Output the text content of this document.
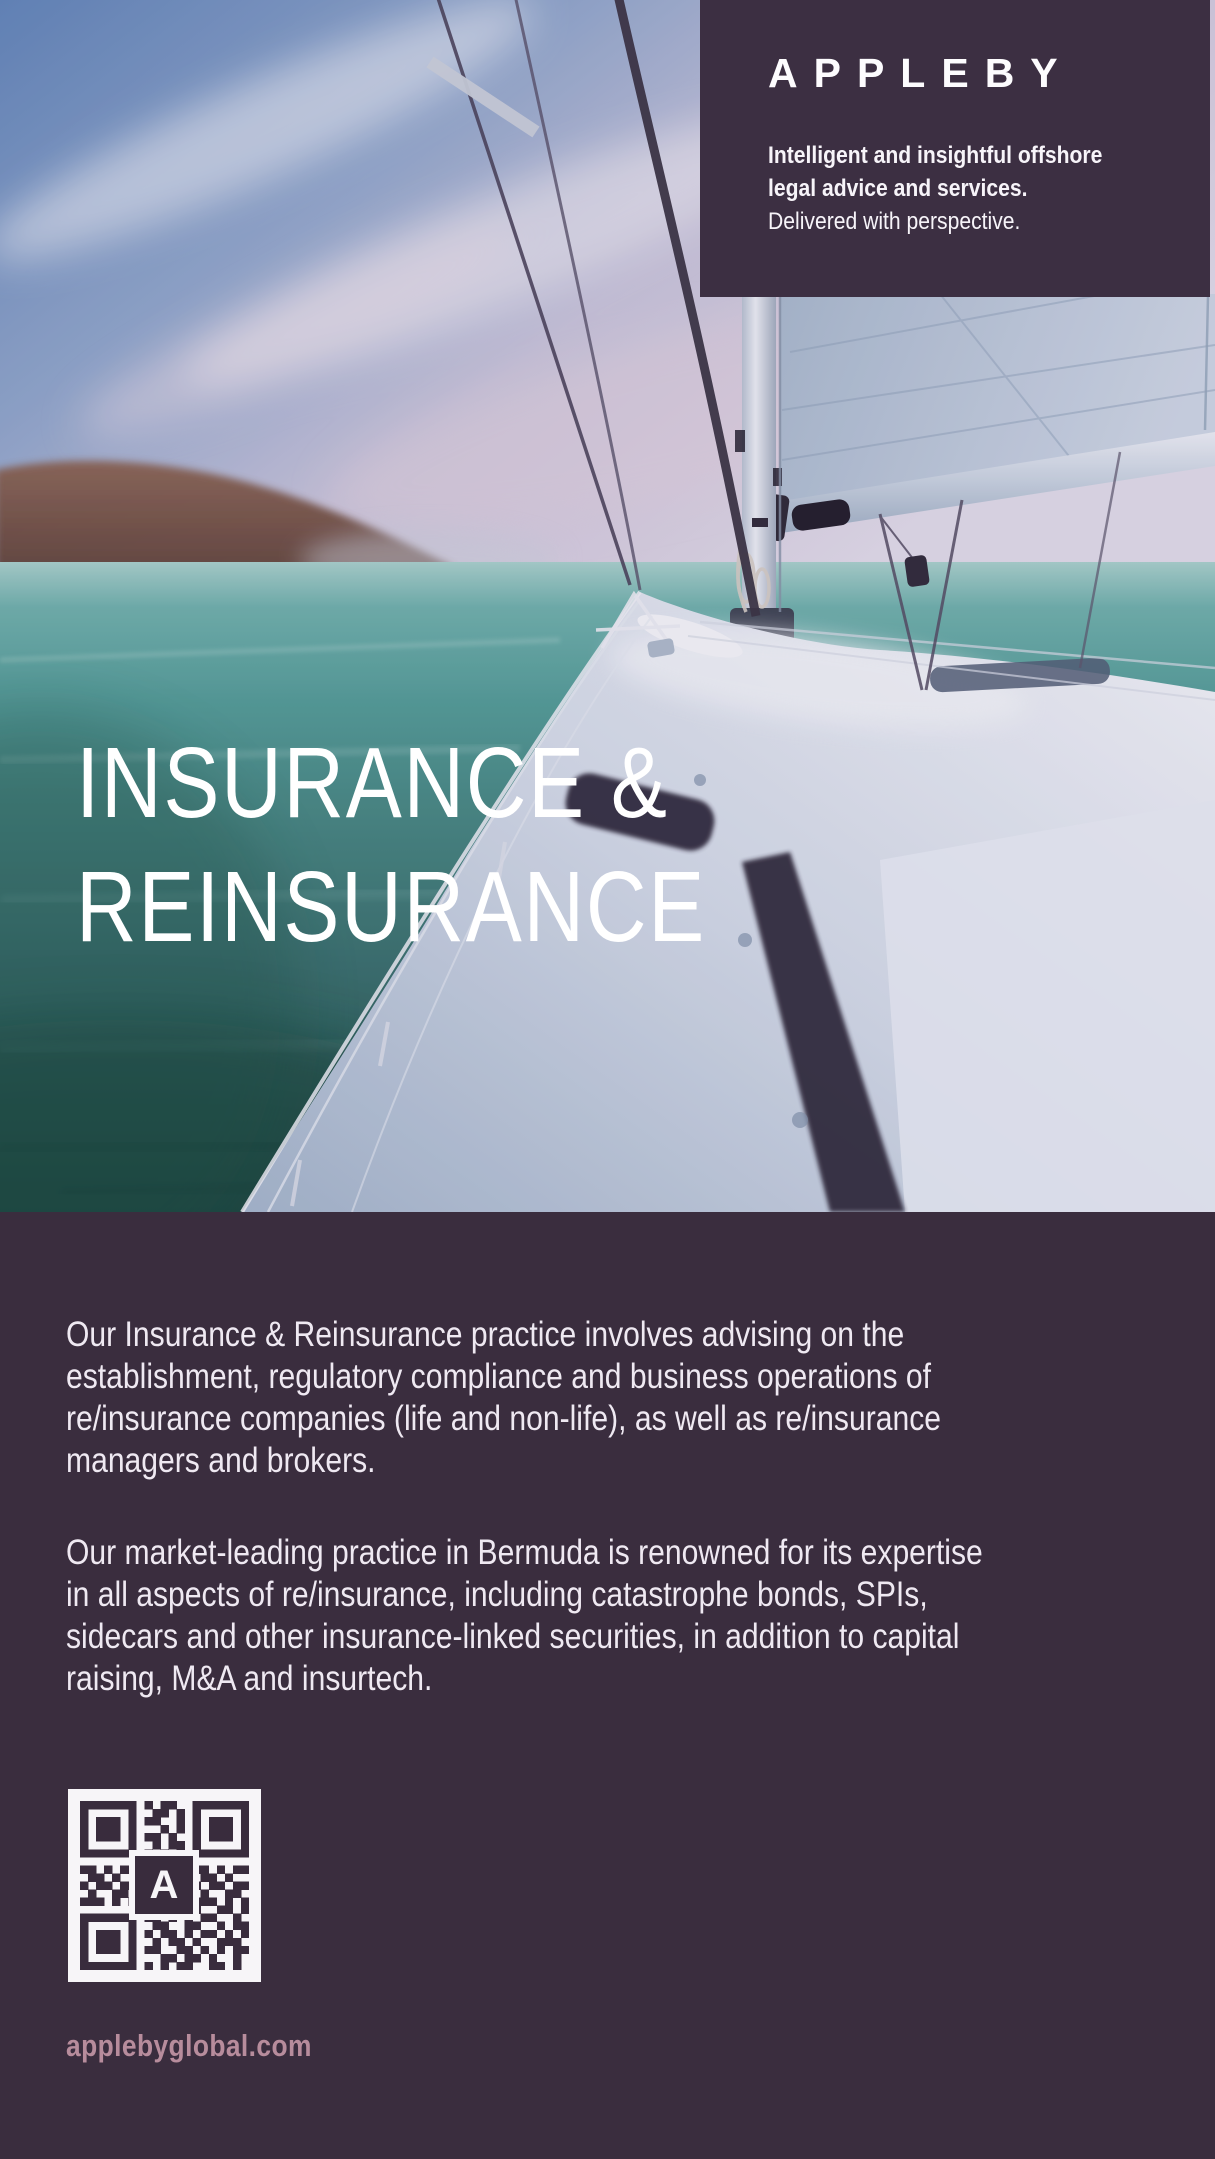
APPLEBY
Intelligent and insightful offshore
legal advice and services.
Delivered with perspective.
INSURANCE &
REINSURANCE
Our Insurance & Reinsurance practice involves advising on the
establishment, regulatory compliance and business operations of
re/insurance companies (life and non-life), as well as re/insurance
managers and brokers.
Our market-leading practice in Bermuda is renowned for its expertise
in all aspects of re/insurance, including catastrophe bonds, SPIs,
sidecars and other insurance-linked securities, in addition to capital
raising, M&A and insurtech.
A
applebyglobal.com
